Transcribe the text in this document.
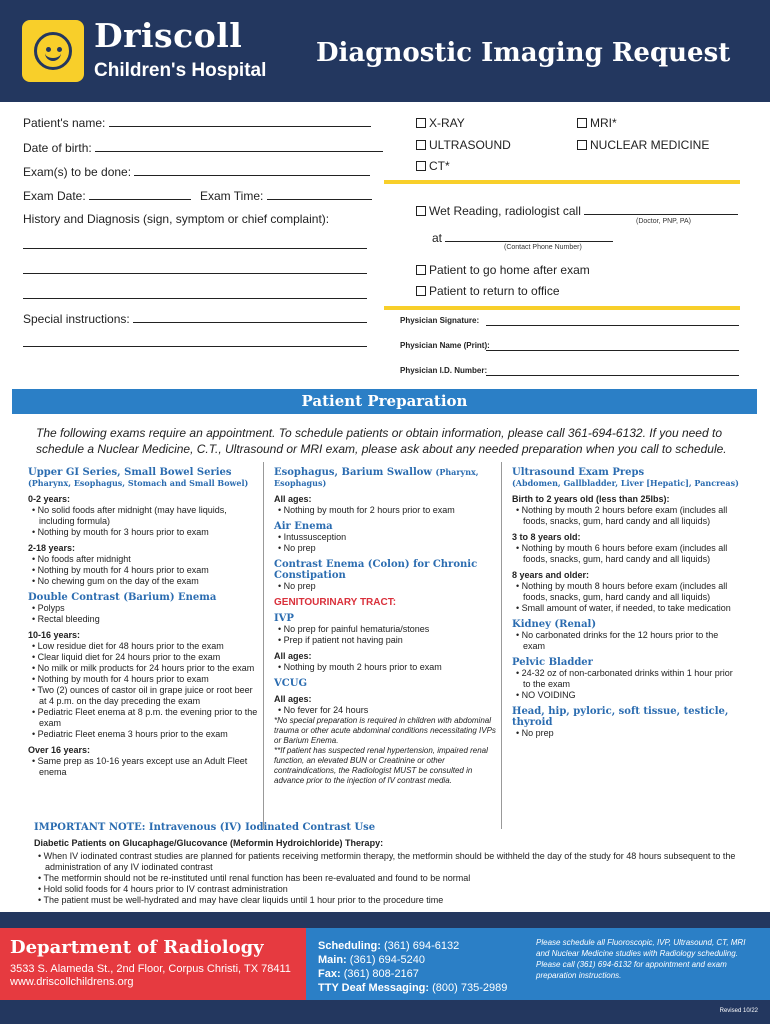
Driscoll
Children's Hospital
Diagnostic Imaging Request
Patient's name:
Date of birth:
Exam(s) to be done:
Exam Date:	Exam Time:
History and Diagnosis (sign, symptom or chief complaint):
Special instructions:
X-RAY	MRI*
ULTRASOUND	NUCLEAR MEDICINE
CT*
Wet Reading, radiologist call
(Doctor, PNP, PA)
at
(Contact Phone Number)
Patient to go home after exam
Patient to return to office
Physician Signature:
Physician Name (Print):
Physician I.D. Number:
Patient Preparation
The following exams require an appointment. To schedule patients or obtain information, please call 361-694-6132. If you need to schedule a Nuclear Medicine, C.T., Ultrasound or MRI exam, please ask about any needed preparation when you call to schedule.
Upper GI Series, Small Bowel Series
(Pharynx, Esophagus, Stomach and Small Bowel)
0-2 years:
• No solid foods after midnight (may have liquids, including formula)
• Nothing by mouth for 3 hours prior to exam
2-18 years:
• No foods after midnight
• Nothing by mouth for 4 hours prior to exam
• No chewing gum on the day of the exam
Double Contrast (Barium) Enema
• Polyps
• Rectal bleeding
10-16 years:
• Low residue diet for 48 hours prior to the exam
• Clear liquid diet for 24 hours prior to the exam
• No milk or milk products for 24 hours prior to the exam
• Nothing by mouth for 4 hours prior to exam
• Two (2) ounces of castor oil in grape juice or root beer at 4 p.m. on the day preceding the exam
• Pediatric Fleet enema at 8 p.m. the evening prior to the exam
• Pediatric Fleet enema 3 hours prior to the exam
Over 16 years:
• Same prep as 10-16 years except use an Adult Fleet enema
Esophagus, Barium Swallow (Pharynx, Esophagus)
All ages:
• Nothing by mouth for 2 hours prior to exam
Air Enema
• Intussusception
• No prep
Contrast Enema (Colon) for Chronic Constipation
• No prep
GENITOURINARY TRACT:
IVP
• No prep for painful hematuria/stones
• Prep if patient not having pain
All ages:
• Nothing by mouth 2 hours prior to exam
VCUG
All ages:
• No fever for 24 hours
*No special preparation is required in children with abdominal trauma or other acute abdominal conditions necessitating IVPs or Barium Enema.
**If patient has suspected renal hypertension, impaired renal function, an elevated BUN or Creatinine or other contraindications, the Radiologist MUST be consulted in advance prior to the injection of IV contrast media.
Ultrasound Exam Preps
(Abdomen, Gallbladder, Liver [Hepatic], Pancreas)
Birth to 2 years old (less than 25lbs):
• Nothing by mouth 2 hours before exam (includes all foods, snacks, gum, hard candy and all liquids)
3 to 8 years old:
• Nothing by mouth 6 hours before exam (includes all foods, snacks, gum, hard candy and all liquids)
8 years and older:
• Nothing by mouth 8 hours before exam (includes all foods, snacks, gum, hard candy and all liquids)
• Small amount of water, if needed, to take medication
Kidney (Renal)
• No carbonated drinks for the 12 hours prior to the exam
Pelvic Bladder
• 24-32 oz of non-carbonated drinks within 1 hour prior to the exam
• NO VOIDING
Head, hip, pyloric, soft tissue, testicle, thyroid
• No prep
IMPORTANT NOTE: Intravenous (IV) Iodinated Contrast Use
Diabetic Patients on Glucaphage/Glucovance (Meformin Hydroichloride) Therapy:
• When IV iodinated contrast studies are planned for patients receiving metformin therapy, the metformin should be withheld the day of the study for 48 hours subsequent to the administration of any IV iodinated contrast
• The metformin should not be re-instituted until renal function has been re-evaluated and found to be normal
• Hold solid foods for 4 hours prior to IV contrast administration
• The patient must be well-hydrated and may have clear liquids until 1 hour prior to the procedure time
Department of Radiology
3533 S. Alameda St., 2nd Floor, Corpus Christi, TX 78411
www.driscollchildrens.org
Scheduling: (361) 694-6132
Main: (361) 694-5240
Fax: (361) 808-2167
TTY Deaf Messaging: (800) 735-2989
Please schedule all Fluoroscopic, IVP, Ultrasound, CT, MRI and Nuclear Medicine studies with Radiology scheduling. Please call (361) 694-6132 for appointment and exam preparation instructions.
Revised 10/22
